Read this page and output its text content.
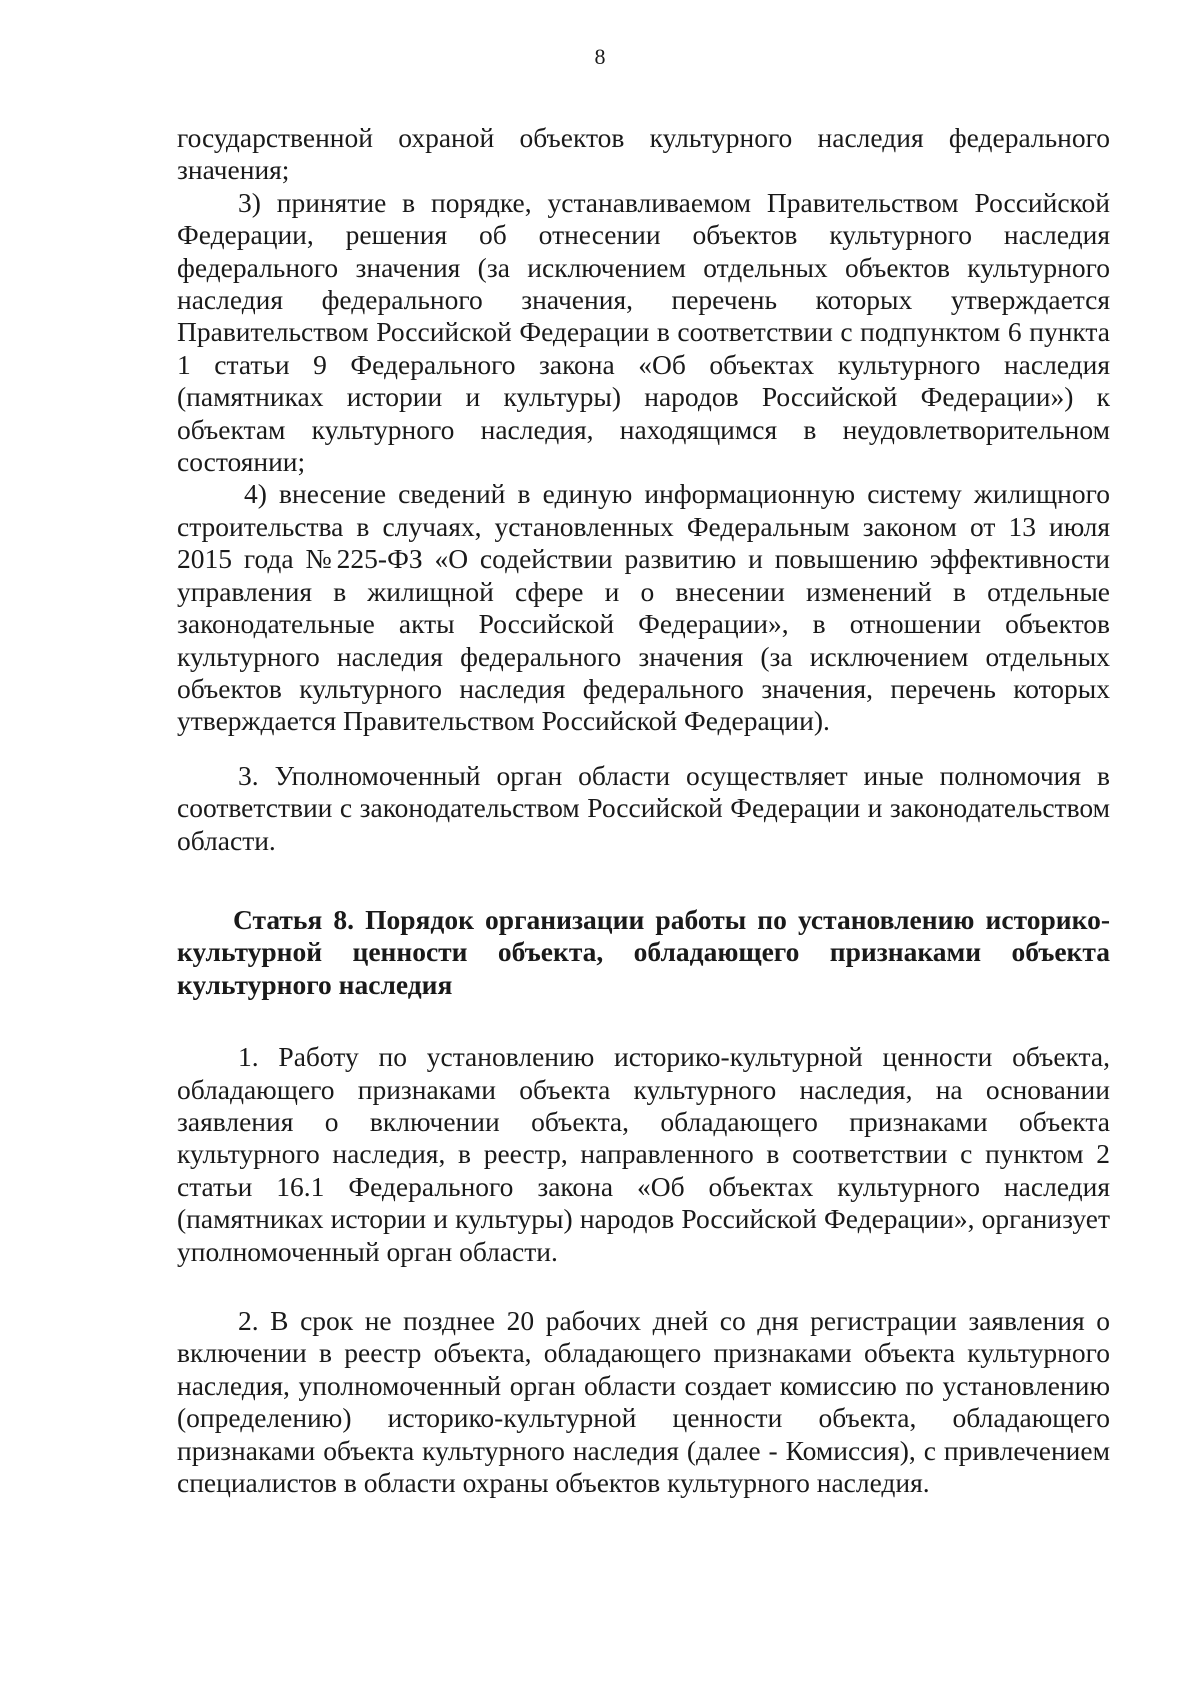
8

государственной охраной объектов культурного наследия федерального значения;

3) принятие в порядке, устанавливаемом Правительством Российской Федерации, решения об отнесении объектов культурного наследия федерального значения (за исключением отдельных объектов культурного наследия федерального значения, перечень которых утверждается Правительством Российской Федерации в соответствии с подпунктом 6 пункта 1 статьи 9 Федерального закона «Об объектах культурного наследия (памятниках истории и культуры) народов Российской Федерации») к объектам культурного наследия, находящимся в неудовлетворительном состоянии;

4) внесение сведений в единую информационную систему жилищного строительства в случаях, установленных Федеральным законом от 13 июля 2015 года №225-ФЗ «О содействии развитию и повышению эффективности управления в жилищной сфере и о внесении изменений в отдельные законодательные акты Российской Федерации», в отношении объектов культурного наследия федерального значения (за исключением отдельных объектов культурного наследия федерального значения, перечень которых утверждается Правительством Российской Федерации).

3. Уполномоченный орган области осуществляет иные полномочия в соответствии с законодательством Российской Федерации и законодательством области.

Статья 8. Порядок организации работы по установлению историко-культурной ценности объекта, обладающего признаками объекта культурного наследия

1. Работу по установлению историко-культурной ценности объекта, обладающего признаками объекта культурного наследия, на основании заявления о включении объекта, обладающего признаками объекта культурного наследия, в реестр, направленного в соответствии с пунктом 2 статьи 16.1 Федерального закона «Об объектах культурного наследия (памятниках истории и культуры) народов Российской Федерации», организует уполномоченный орган области.

2. В срок не позднее 20 рабочих дней со дня регистрации заявления о включении в реестр объекта, обладающего признаками объекта культурного наследия, уполномоченный орган области создает комиссию по установлению (определению) историко-культурной ценности объекта, обладающего признаками объекта культурного наследия (далее - Комиссия), с привлечением специалистов в области охраны объектов культурного наследия.
